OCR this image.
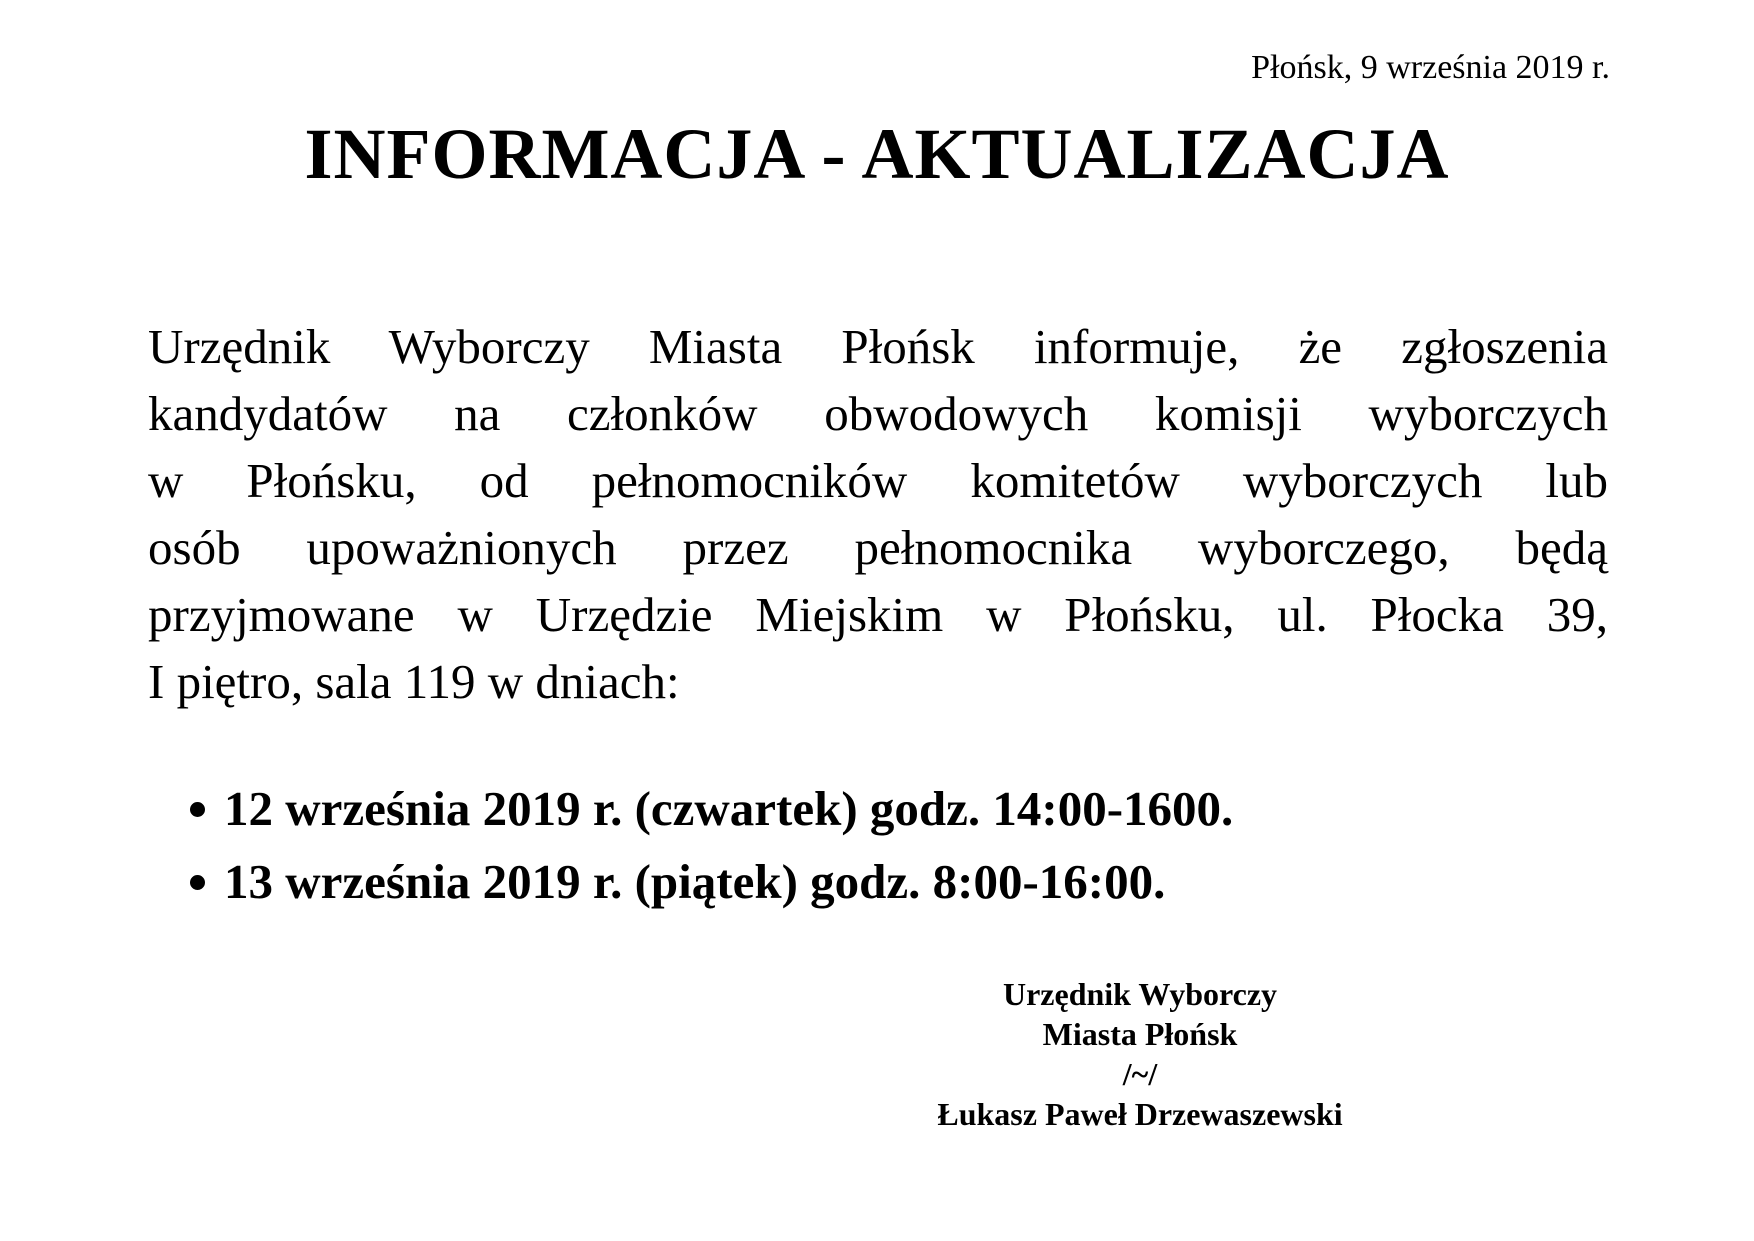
Płońsk, 9 września 2019 r.
INFORMACJA - AKTUALIZACJA
Urzędnik Wyborczy Miasta Płońsk informuje, że zgłoszenia
kandydatów na członków obwodowych komisji wyborczych
w Płońsku, od pełnomocników komitetów wyborczych lub
osób upoważnionych przez pełnomocnika wyborczego, będą
przyjmowane w Urzędzie Miejskim w Płońsku, ul. Płocka 39,
I piętro, sala 119 w dniach:
12 września 2019 r. (czwartek) godz. 14:00-1600.
13 września 2019 r. (piątek) godz. 8:00-16:00.
Urzędnik Wyborczy
Miasta Płońsk
/~/
Łukasz Paweł Drzewaszewski
